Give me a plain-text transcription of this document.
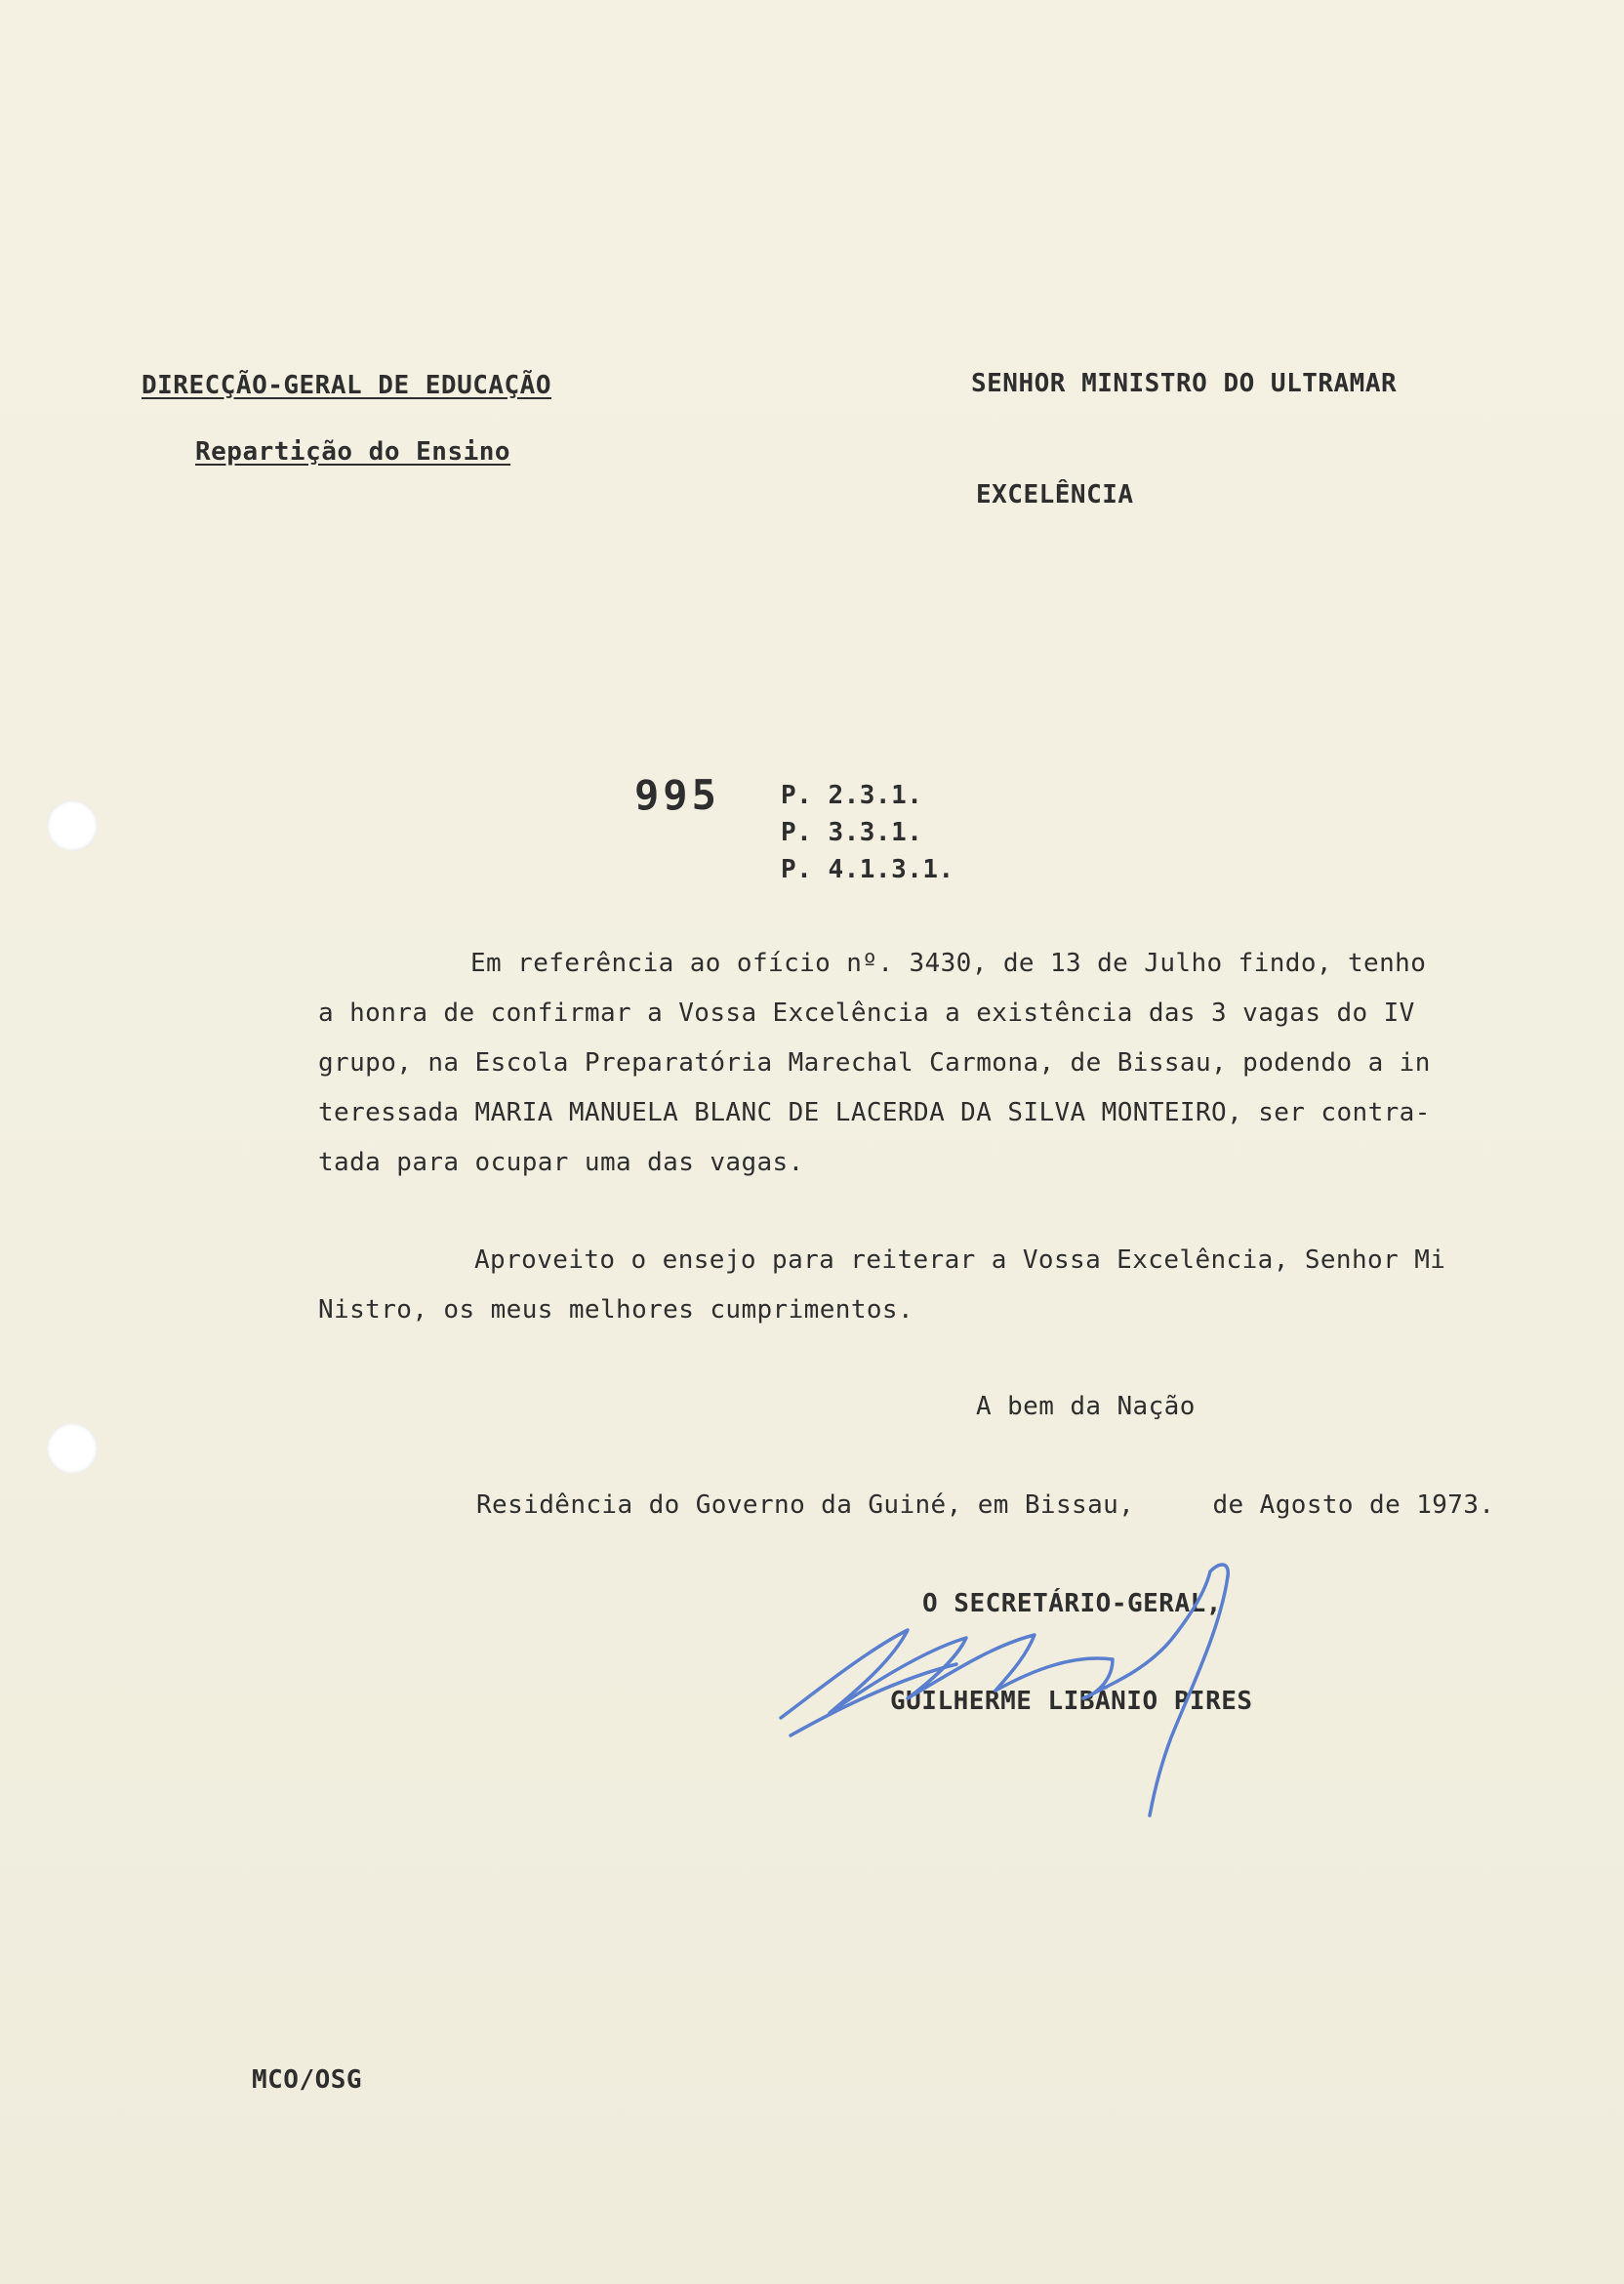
DIRECÇÃO-GERAL DE EDUCAÇÃO
Repartição do Ensino
SENHOR MINISTRO DO ULTRAMAR
EXCELÊNCIA
995 P. 2.3.1.
P. 3.3.1.
P. 4.1.3.1.
Em referência ao ofício nº. 3430, de 13 de Julho findo, tenho
a honra de confirmar a Vossa Excelência a existência das 3 vagas do IV
grupo, na Escola Preparatória Marechal Carmona, de Bissau, podendo a in
teressada MARIA MANUELA BLANC DE LACERDA DA SILVA MONTEIRO, ser contra-
tada para ocupar uma das vagas.
Aproveito o ensejo para reiterar a Vossa Excelência, Senhor Mi
Nistro, os meus melhores cumprimentos.
A bem da Nação
Residência do Governo da Guiné, em Bissau,     de Agosto de 1973.
O SECRETÁRIO-GERAL,
GUILHERME LIBÂNIO PIRES
MCO/OSG
